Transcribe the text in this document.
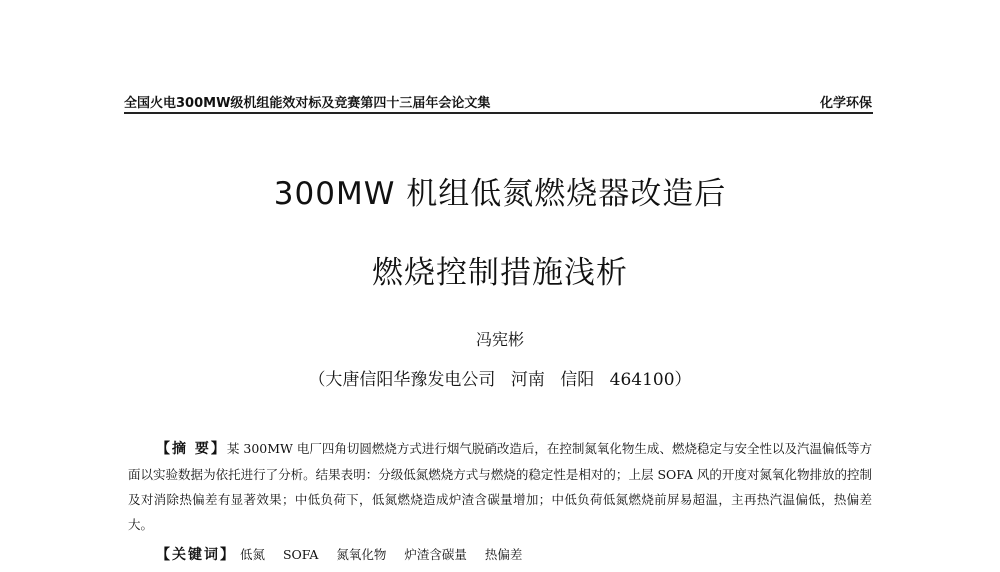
全国火电300MW级机组能效对标及竞赛第四十三届年会论文集	化学环保
300MW 机组低氮燃烧器改造后
燃烧控制措施浅析
冯宪彬
（大唐信阳华豫发电公司 河南 信阳 464100）
【摘 要】某 300MW 电厂四角切圆燃烧方式进行烟气脱硝改造后，在控制氮氧化物生成、燃烧稳定与安全性以及汽温偏低等方面以实验数据为依托进行了分析。结果表明：分级低氮燃烧方式与燃烧的稳定性是相对的；上层 SOFA 风的开度对氮氧化物排放的控制及对消除热偏差有显著效果；中低负荷下，低氮燃烧造成炉渣含碳量增加；中低负荷低氮燃烧前屏易超温，主再热汽温偏低，热偏差大。
【关键词】 低氮 SOFA 氮氧化物 炉渣含碳量 热偏差
